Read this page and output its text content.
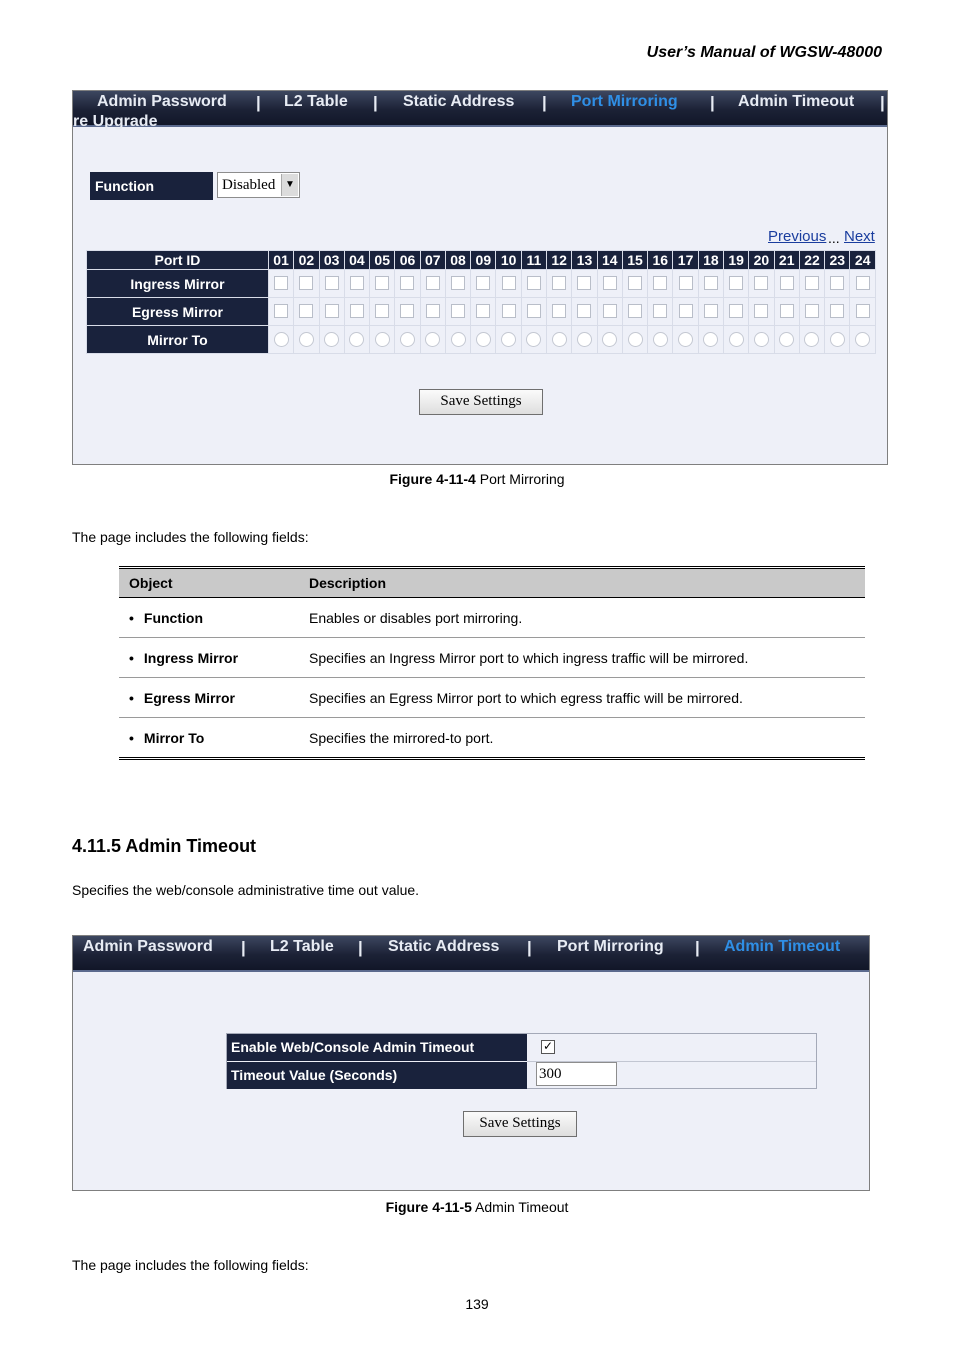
User’s Manual of WGSW-48000
Admin Password | L2 Table | Static Address | Port Mirroring | Admin Timeout |
re Upgrade
Function	Disabled ▼
Previous ... Next
Port ID	01	02	03	04	05	06	07	08	09	10	11	12	13	14	15	16	17	18	19	20	21	22	23	24
Ingress Mirror																								
Egress Mirror																								
Mirror To																								
Save Settings
Figure 4-11-4 Port Mirroring
The page includes the following fields:
Object	Description
• Function	Enables or disables port mirroring.
• Ingress Mirror	Specifies an Ingress Mirror port to which ingress traffic will be mirrored.
• Egress Mirror	Specifies an Egress Mirror port to which egress traffic will be mirrored.
• Mirror To	Specifies the mirrored-to port.
4.11.5 Admin Timeout
Specifies the web/console administrative time out value.
Admin Password | L2 Table | Static Address | Port Mirroring | Admin Timeout
Enable Web/Console Admin Timeout	✓
Timeout Value (Seconds)	300
Save Settings
Figure 4-11-5 Admin Timeout
The page includes the following fields:
139
